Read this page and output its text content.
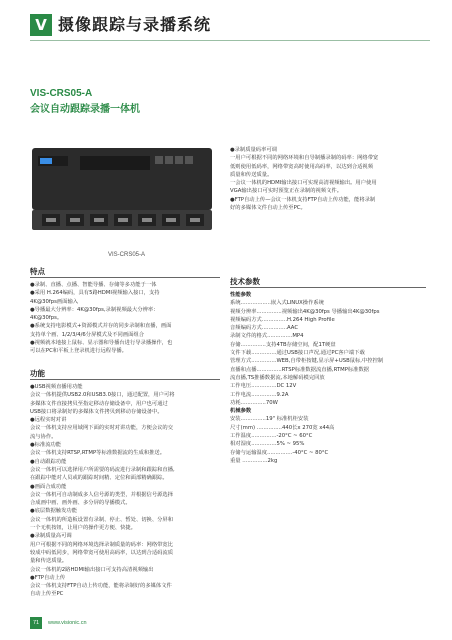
V 摄像跟踪与录播系统
VIS-CRS05-A
会议自动跟踪录播一体机
VIS-CRS05-A
特点

●录制、直播、点播、智能导播、存储等多功能于一体

●采用 H.264编码，具有5路HDMI视频输入接口，支持

4K@30fps画面输入

●导播最大分辨率：4K@30fps,录制视频最大分辨率：

4K@30fps。

●系统支持电影模式+资源模式并存的同步录制和直播，画面

支持单个画、1/2/3/4/6分屏模式及不同画面组合

●视频就本地接上鼠标、显示器和导播台进行导录播操作，也

可以在PC和平板上登录机进行远程导播。

功能

●USB视频直播用功能

会议一体机提供USB2.0和USB3.0接口，通过配置，用户可将

多媒体文件直接拷贝至指定移动存储设备中，用户也可通过

USB接口将录制好的多媒体文件拷贝到移动存储设备中。

●远程实时对讲

会议一体机支持应用域网下面的实时对讲功能，方便会议的交

流与协作。

●标准流功能

会议一体机支持RTSP,RTMP等标准数据流的生成和推送。

●自动跟踪功能

会议一体机可以选择用户所需要的码流进行录制和跟踪和直播,

在跟踪中能对人员或的跟踪时间精、定位和面部精确跟踪。

●画面合成功能

会议一体机可自动制成多人信号源的类型，并根据信号源选择

合成画中画、画外画、多分屏的导播模式。

●底层数据触发功能

会议一体机的所造板设置有录制、停止、暂处、切换、分屏和

一个无机按钮，让用户的操作更方便、快捷。

●录制质量高可调

用户可根据不同的网络环境选择录制质量的码率：网络带宽比

较成中码低同步，网络带宽可使用高码率，以达到合适码流质

量和传送质量。

会议一体机的2路HDMI输出接口可支持高清视频输出

●FTP自动上传

会议一体机支持FTP自动上传功能，能将录制好的多媒体文件

自动上传至PC

●录制质量码率可调

一用户可根据不同的网络环境和自导制播录制的码率：网络带宽

低则使用低码率，网络带宽高时使用高码率，以达到合适视频

质量和传送质量。

一会议一体机的HDMI输出接口可实现高清视频输出。用户使用

VGA输出接口可实时预览正在录制的视频文件。

●FTP自动上传—会议一体机支持FTP自动上传功能，能将录制

好的多媒体文件自动上传至PC。

技术参数

性能参数

系统..................嵌入式LINUX操作系统

视频分辨率...............视频输出4K@30fps 导播输出4K@30fps

视频编码方式...............H.264 High Profile

音频编码方式...............AAC

录制文件的格式...............MP4

存储...............支持4TB存储空间，配1T硬盘

文件下载...............通过USB接口声况,通过PC客户端下载

管理方式...............WEB,自带柜按键,显示屏+USB鼠标,中控控制

直播和点播...............RTSP标准数据流直播,RTMP标准数据

流直播,TS推播数据流,本地解码模完回放

工作电压...............DC 12V

工作电流...............9.2A

功耗...............70W

机械参数

安装...............19" 标准机柜安装

尺寸(mm) ...............440长x 270宽 x44高

工作温度...............-20°C ~ 60°C

相对湿度...............5% ~ 95%

存储与运输温度...............-40°C ~ 80°C

重量 ...............2kg

71	www.visionic.cn
